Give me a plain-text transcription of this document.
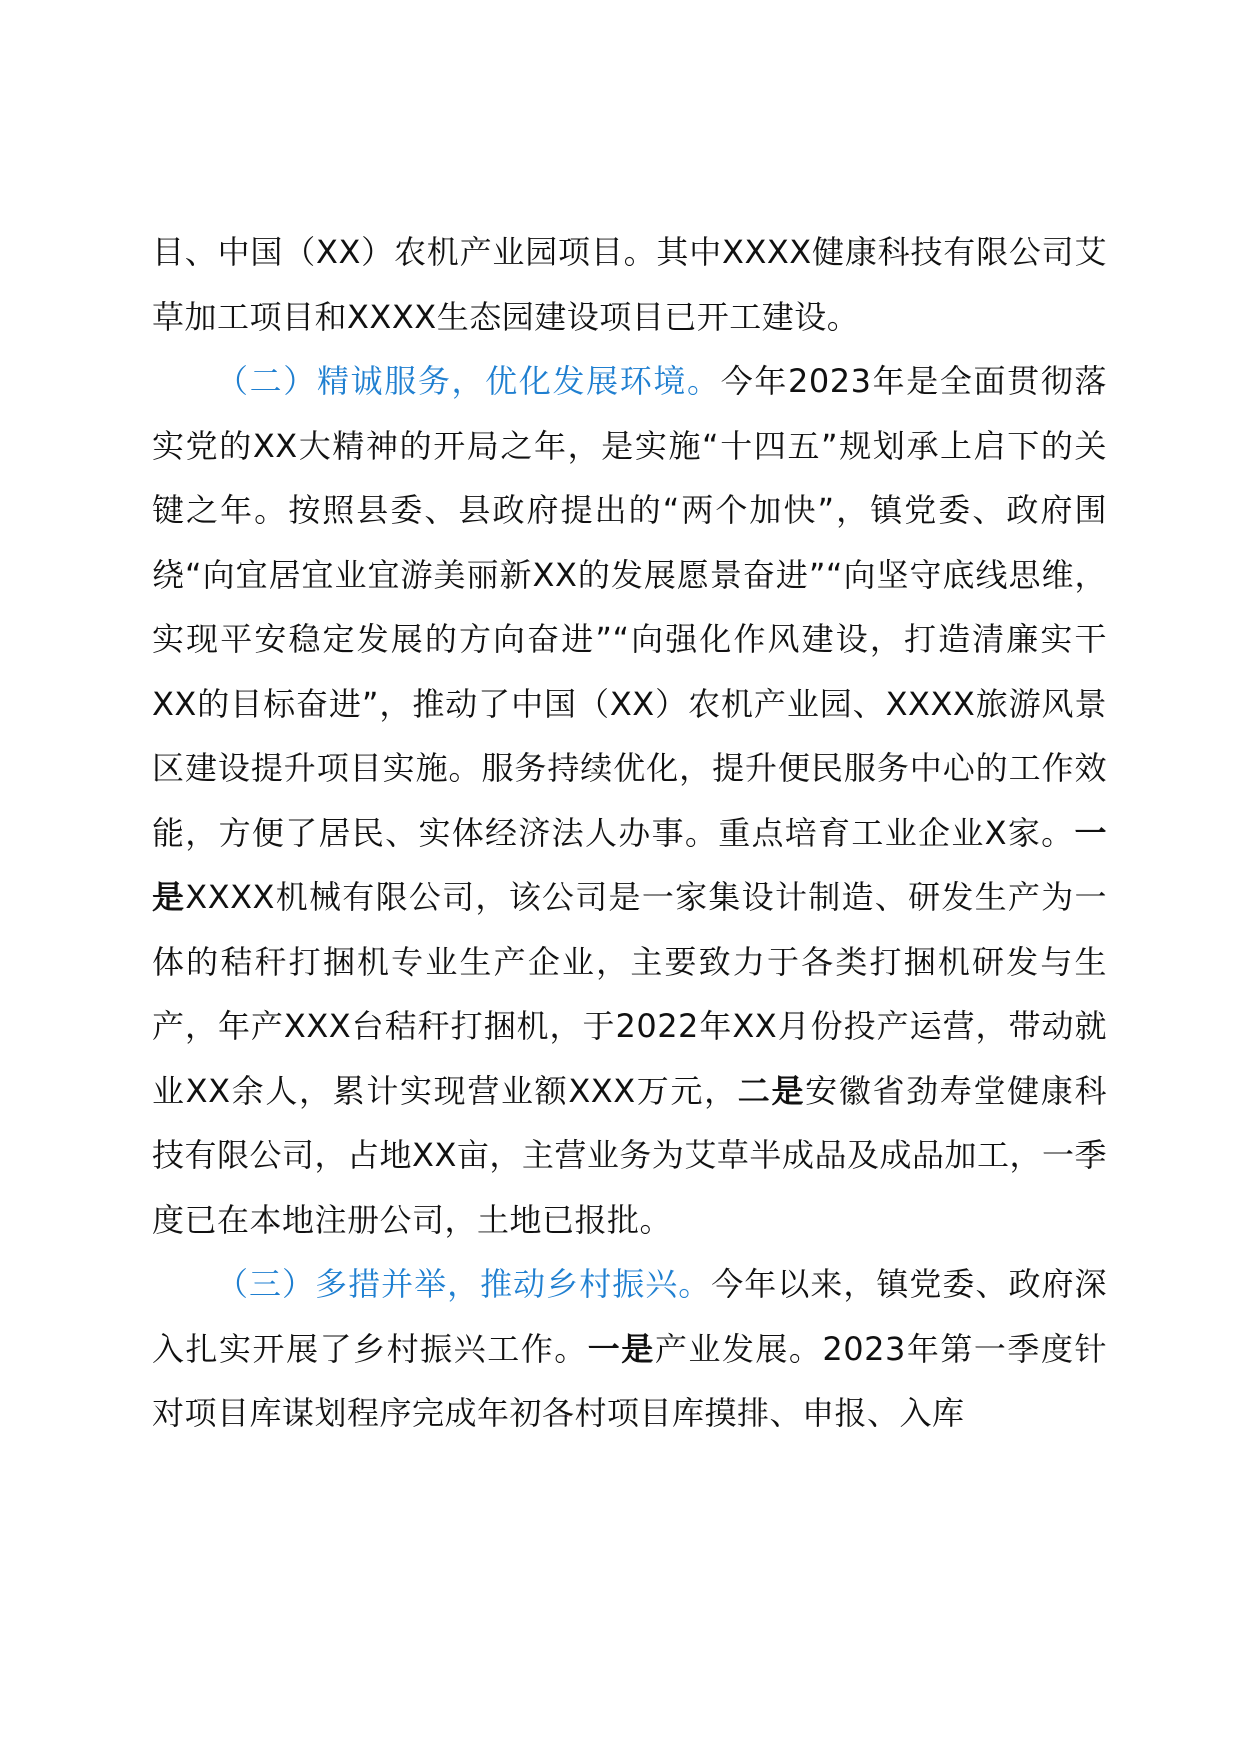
目、中国（XX）农机产业园项目。其中XXXX健康科技有限公司艾草加工项目和XXXX生态园建设项目已开工建设。

（二）精诚服务，优化发展环境。今年2023年是全面贯彻落实党的XX大精神的开局之年，是实施“十四五”规划承上启下的关键之年。按照县委、县政府提出的“两个加快”，镇党委、政府围绕“向宜居宜业宜游美丽新XX的发展愿景奋进”“向坚守底线思维，实现平安稳定发展的方向奋进”“向强化作风建设，打造清廉实干XX的目标奋进”，推动了中国（XX）农机产业园、XXXX旅游风景区建设提升项目实施。服务持续优化，提升便民服务中心的工作效能，方便了居民、实体经济法人办事。重点培育工业企业X家。一是XXXX机械有限公司，该公司是一家集设计制造、研发生产为一体的秸秆打捆机专业生产企业，主要致力于各类打捆机研发与生产，年产XXX台秸秆打捆机，于2022年XX月份投产运营，带动就业XX余人，累计实现营业额XXX万元，二是安徽省劲寿堂健康科技有限公司，占地XX亩，主营业务为艾草半成品及成品加工，一季度已在本地注册公司，土地已报批。

（三）多措并举，推动乡村振兴。今年以来，镇党委、政府深入扎实开展了乡村振兴工作。一是产业发展。2023年第一季度针对项目库谋划程序完成年初各村项目库摸排、申报、入库
